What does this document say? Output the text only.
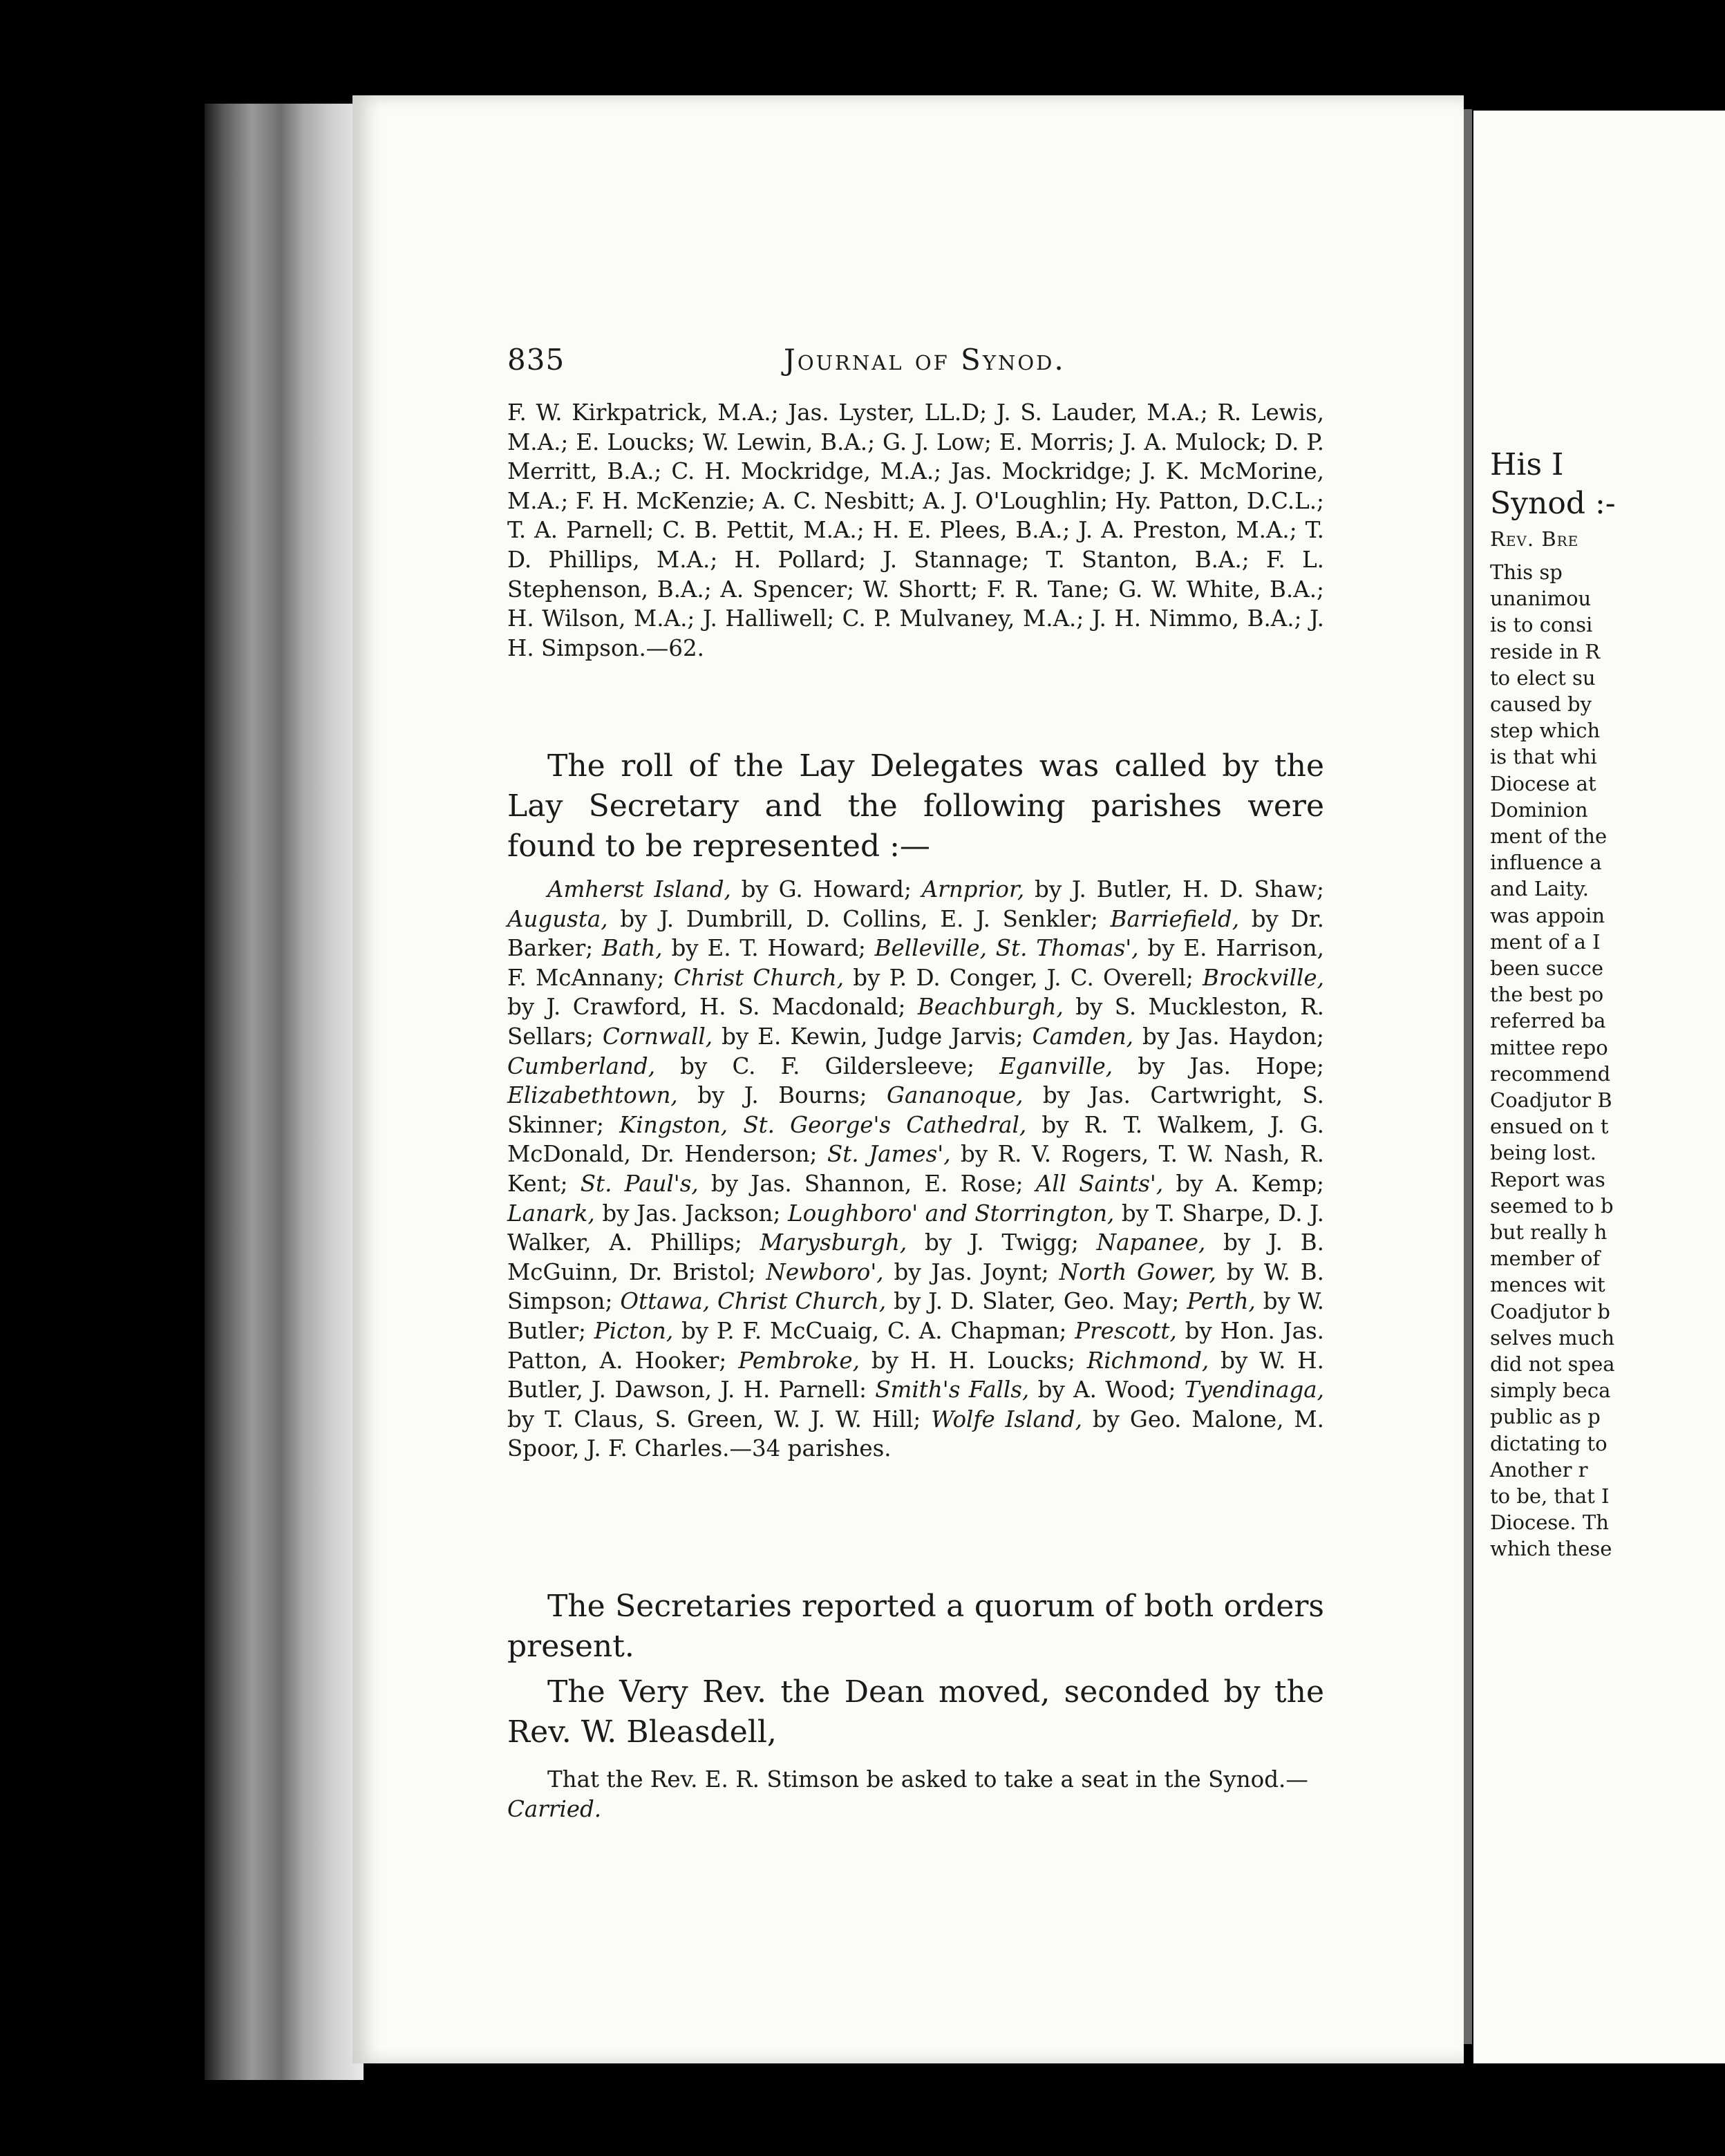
835	Journal of Synod.
F. W. Kirkpatrick, M.A.; Jas. Lyster, LL.D; J. S. Lauder, M.A.; R. Lewis, M.A.; E. Loucks; W. Lewin, B.A.; G. J. Low; E. Morris; J. A. Mulock; D. P. Merritt, B.A.; C. H. Mockridge, M.A.; Jas. Mockridge; J. K. McMorine, M.A.; F. H. McKenzie; A. C. Nesbitt; A. J. O'Loughlin; Hy. Patton, D.C.L.; T. A. Parnell; C. B. Pettit, M.A.; H. E. Plees, B.A.; J. A. Preston, M.A.; T. D. Phillips, M.A.; H. Pollard; J. Stannage; T. Stanton, B.A.; F. L. Stephenson, B.A.; A. Spencer; W. Shortt; F. R. Tane; G. W. White, B.A.; H. Wilson, M.A.; J. Halliwell; C. P. Mulvaney, M.A.; J. H. Nimmo, B.A.; J. H. Simpson.—62.
The roll of the Lay Delegates was called by the Lay Secretary and the following parishes were found to be represented :—
Amherst Island, by G. Howard; Arnprior, by J. Butler, H. D. Shaw; Augusta, by J. Dumbrill, D. Collins, E. J. Senkler; Barriefield, by Dr. Barker; Bath, by E. T. Howard; Belleville, St. Thomas', by E. Harrison, F. McAnnany; Christ Church, by P. D. Conger, J. C. Overell; Brockville, by J. Crawford, H. S. Macdonald; Beachburgh, by S. Muckleston, R. Sellars; Cornwall, by E. Kewin, Judge Jarvis; Camden, by Jas. Haydon; Cumberland, by C. F. Gildersleeve; Eganville, by Jas. Hope; Elizabethtown, by J. Bourns; Gananoque, by Jas. Cartwright, S. Skinner; Kingston, St. George's Cathedral, by R. T. Walkem, J. G. McDonald, Dr. Henderson; St. James', by R. V. Rogers, T. W. Nash, R. Kent; St. Paul's, by Jas. Shannon, E. Rose; All Saints', by A. Kemp; Lanark, by Jas. Jackson; Loughboro' and Storrington, by T. Sharpe, D. J. Walker, A. Phillips; Marysburgh, by J. Twigg; Napanee, by J. B. McGuinn, Dr. Bristol; Newboro', by Jas. Joynt; North Gower, by W. B. Simpson; Ottawa, Christ Church, by J. D. Slater, Geo. May; Perth, by W. Butler; Picton, by P. F. McCuaig, C. A. Chapman; Prescott, by Hon. Jas. Patton, A. Hooker; Pembroke, by H. H. Loucks; Richmond, by W. H. Butler, J. Dawson, J. H. Parnell: Smith's Falls, by A. Wood; Tyendinaga, by T. Claus, S. Green, W. J. W. Hill; Wolfe Island, by Geo. Malone, M. Spoor, J. F. Charles.—34 parishes.
The Secretaries reported a quorum of both orders present.
The Very Rev. the Dean moved, seconded by the Rev. W. Bleasdell,
That the Rev. E. R. Stimson be asked to take a seat in the Synod.—
Carried.
His I
Synod :-
Rev. Bre
This sp
unanimou
is to consi
reside in R
to elect su
caused by
step which
is that whi
Diocese at
Dominion
ment of the
influence a
and Laity.
was appoin
ment of a I
been succe
the best po
referred ba
mittee repo
recommend
Coadjutor B
ensued on t
being lost.
Report was
seemed to b
but really h
member of
mences wit
Coadjutor b
selves much
did not spea
simply beca
public as p
dictating to
Another r
to be, that I
Diocese. Th
which these
